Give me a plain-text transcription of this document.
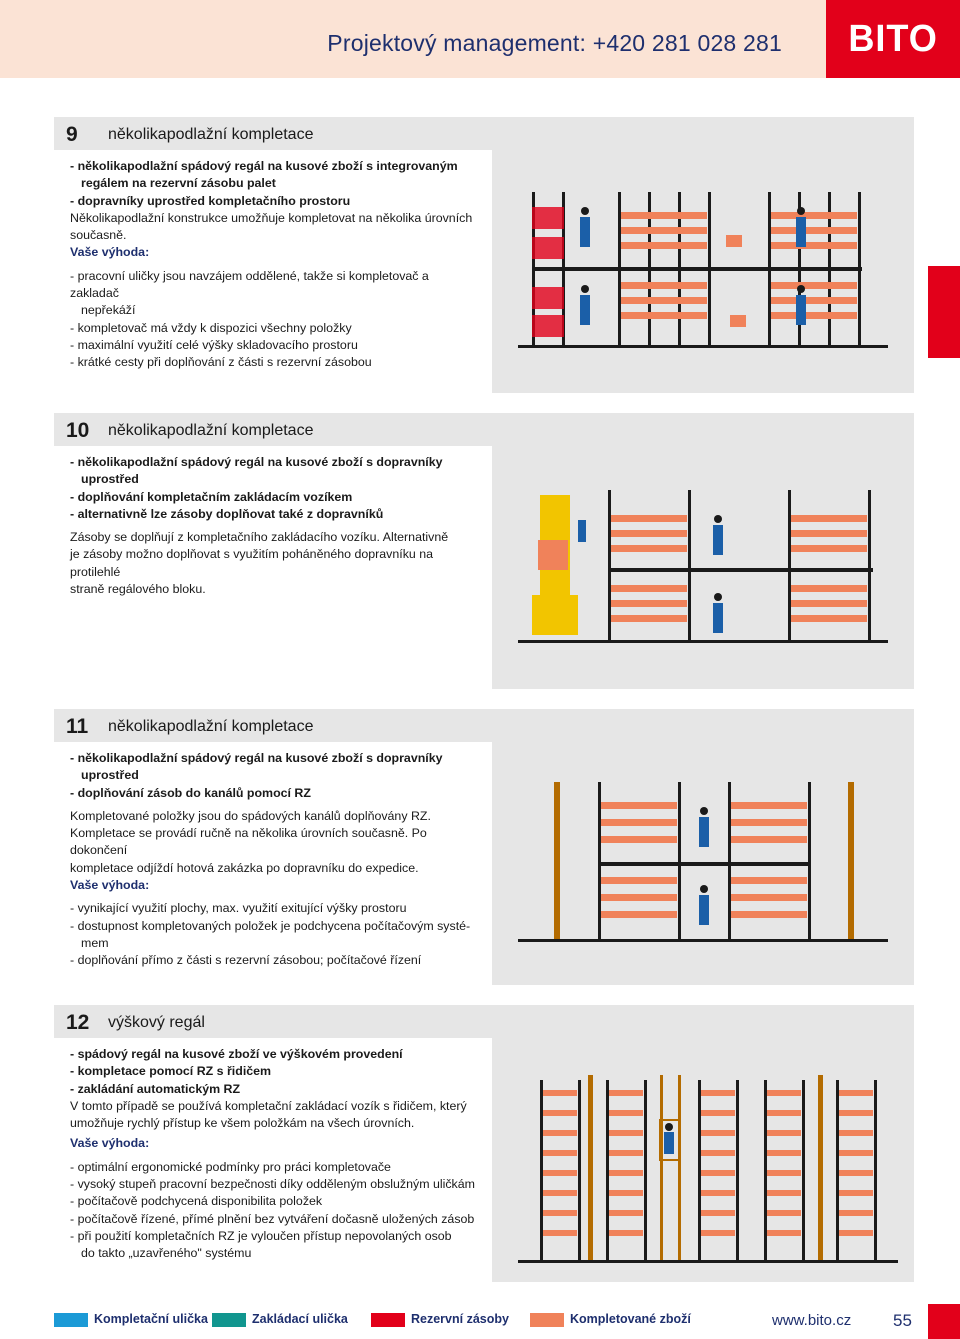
Projektový management: +420 281 028 281 BITO
9 několikapodlažní kompletace

- několikapodlažní spádový regál na kusové zboží s integrovaným

regálem na rezervní zásobu palet

- dopravníky uprostřed kompletačního prostoru

Několikapodlažní konstrukce umožňuje kompletovat na několika úrovních

současně.

Vaše výhoda:

- pracovní uličky jsou navzájem oddělené, takže si kompletovač a zakladač

nepřekáží

- kompletovač má vždy k dispozici všechny položky

- maximální využití celé výšky skladovacího prostoru

- krátké cesty při doplňování z části s rezervní zásobou

10 několikapodlažní kompletace

- několikapodlažní spádový regál na kusové zboží s dopravníky

uprostřed

- doplňování kompletačním zakládacím vozíkem

- alternativně lze zásoby doplňovat také z dopravníků

Zásoby se doplňují z kompletačního zakládacího vozíku. Alternativně

je zásoby možno doplňovat s využitím poháněného dopravníku na protilehlé

straně regálového bloku.

11 několikapodlažní kompletace

- několikapodlažní spádový regál na kusové zboží s dopravníky

uprostřed

- doplňování zásob do kanálů pomocí RZ

Kompletované položky jsou do spádových kanálů doplňovány RZ.

Kompletace se provádí ručně na několika úrovních současně. Po dokončení

kompletace odjíždí hotová zakázka po dopravníku do expedice.

Vaše výhoda:

- vynikající využití plochy, max. využití exitující výšky prostoru

- dostupnost kompletovaných položek je podchycena počítačovým systé-

mem

- doplňování přímo z části s rezervní zásobou; počítačové řízení

12 výškový regál

- spádový regál na kusové zboží ve výškovém provedení

- kompletace pomocí RZ s řidičem

- zakládání automatickým RZ

V tomto případě se používá kompletační zakládací vozík s řidičem, který

umožňuje rychlý přístup ke všem položkám na všech úrovních.

Vaše výhoda:

- optimální ergonomické podmínky pro práci kompletovače

- vysoký stupeň pracovní bezpečnosti díky odděleným obslužným uličkám

- počítačově podchycená disponibilita položek

- počítačově řízené, přímé plnění bez vytváření dočasně uložených zásob

- při použití kompletačních RZ je vyloučen přístup nepovolaných osob

do takto „uzavřeného" systému

Kompletační ulička	Zakládací ulička	Rezervní zásoby	Kompletované zboží	www.bito.cz 55
